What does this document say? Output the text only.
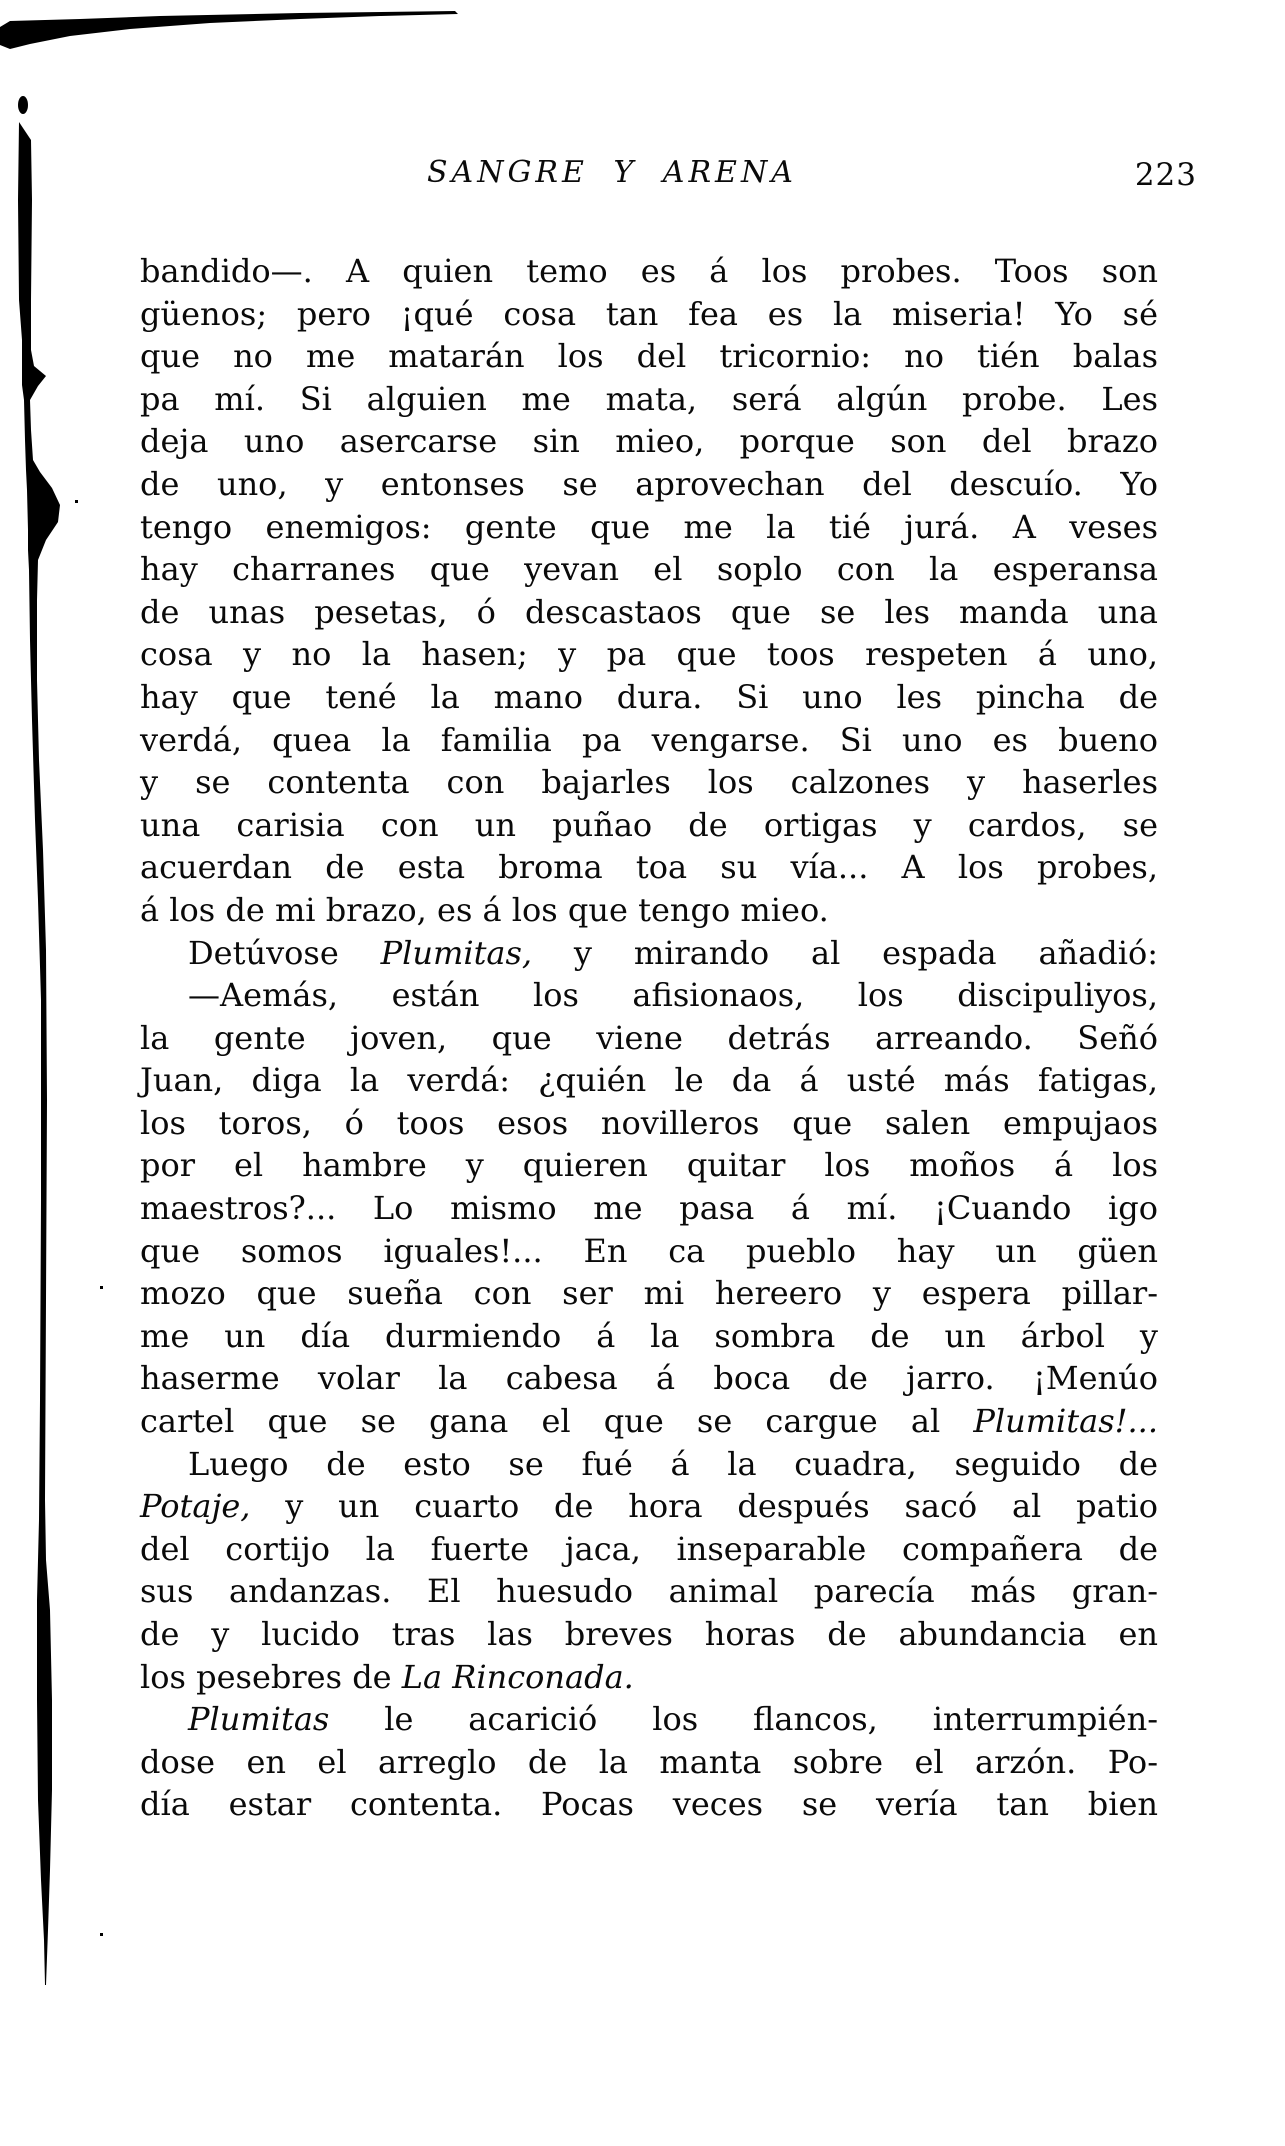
SANGRE Y ARENA	223
bandido—. A quien temo es á los probes. Toos son
güenos; pero ¡qué cosa tan fea es la miseria! Yo sé
que no me matarán los del tricornio: no tién balas
pa mí. Si alguien me mata, será algún probe. Les
deja uno asercarse sin mieo, porque son del brazo
de uno, y entonses se aprovechan del descuío. Yo
tengo enemigos: gente que me la tié jurá. A veses
hay charranes que yevan el soplo con la esperansa
de unas pesetas, ó descastaos que se les manda una
cosa y no la hasen; y pa que toos respeten á uno,
hay que tené la mano dura. Si uno les pincha de
verdá, quea la familia pa vengarse. Si uno es bueno
y se contenta con bajarles los calzones y haserles
una carisia con un puñao de ortigas y cardos, se
acuerdan de esta broma toa su vía... A los probes,
á los de mi brazo, es á los que tengo mieo.
Detúvose Plumitas, y mirando al espada añadió:
—Aemás, están los afisionaos, los discipuliyos,
la gente joven, que viene detrás arreando. Señó
Juan, diga la verdá: ¿quién le da á usté más fatigas,
los toros, ó toos esos novilleros que salen empujaos
por el hambre y quieren quitar los moños á los
maestros?... Lo mismo me pasa á mí. ¡Cuando igo
que somos iguales!... En ca pueblo hay un güen
mozo que sueña con ser mi hereero y espera pillar-
me un día durmiendo á la sombra de un árbol y
haserme volar la cabesa á boca de jarro. ¡Menúo
cartel que se gana el que se cargue al Plumitas!...
Luego de esto se fué á la cuadra, seguido de
Potaje, y un cuarto de hora después sacó al patio
del cortijo la fuerte jaca, inseparable compañera de
sus andanzas. El huesudo animal parecía más gran-
de y lucido tras las breves horas de abundancia en
los pesebres de La Rinconada.
Plumitas le acarició los flancos, interrumpién-
dose en el arreglo de la manta sobre el arzón. Po-
día estar contenta. Pocas veces se vería tan bien
